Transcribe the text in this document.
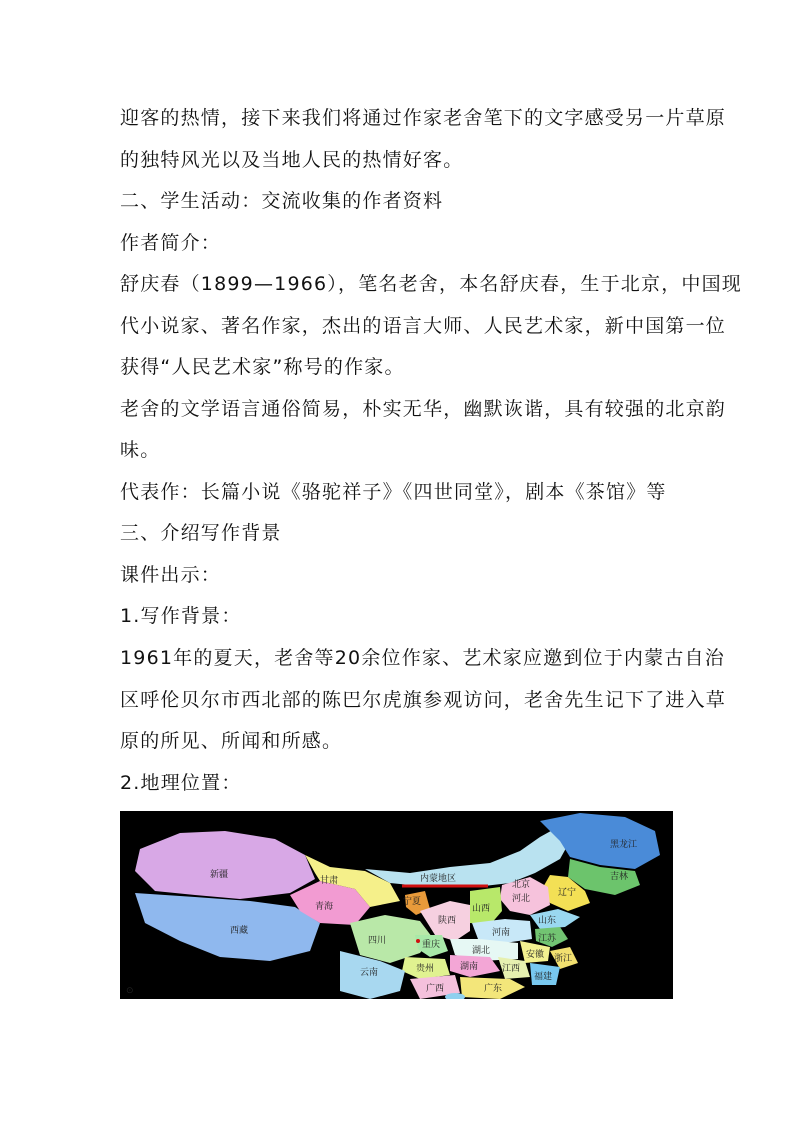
迎客的热情，接下来我们将通过作家老舍笔下的文字感受另一片草原
的独特风光以及当地人民的热情好客。
二、学生活动：交流收集的作者资料
作者简介：
舒庆春（1899—1966），笔名老舍，本名舒庆春，生于北京，中国现
代小说家、著名作家，杰出的语言大师、人民艺术家，新中国第一位
获得“人民艺术家”称号的作家。
老舍的文学语言通俗简易，朴实无华，幽默诙谐，具有较强的北京韵
味。
代表作：长篇小说《骆驼祥子》《四世同堂》，剧本《茶馆》等
三、介绍写作背景
课件出示：
1.写作背景：
1961年的夏天，老舍等20余位作家、艺术家应邀到位于内蒙古自治
区呼伦贝尔市西北部的陈巴尔虎旗参观访问，老舍先生记下了进入草
原的所见、所闻和所感。
2.地理位置：
黑龙江
吉林
辽宁
北京
内蒙地区
新疆
甘肃
青海
西藏
宁夏
山西
河北
山东
陕西
河南
江苏
安徽
湖北
四川	重庆
浙江
湖南	江西
福建
云南	贵州
广西	广东
⊙
